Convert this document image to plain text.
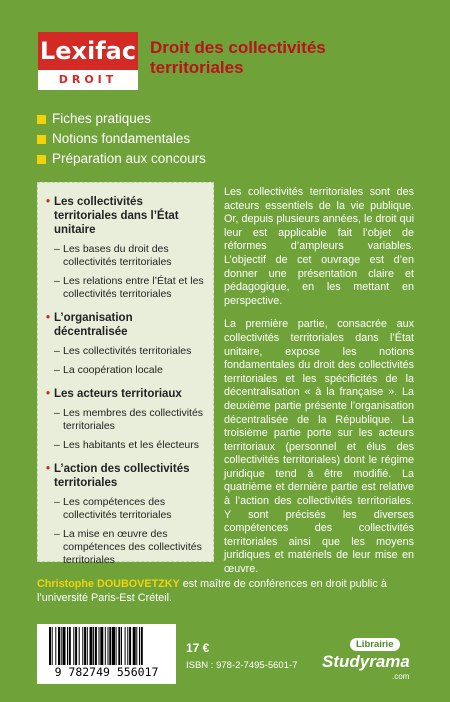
Lexifac
DROIT
Droit des collectivités territoriales
Fiches pratiques
Notions fondamentales
Préparation aux concours
• Les collectivités territoriales dans l’État unitaire
– Les bases du droit des collectivités territoriales
– Les relations entre l’État et les collectivités territoriales
• L’organisation décentralisée
– Les collectivités territoriales
– La coopération locale
• Les acteurs territoriaux
– Les membres des collectivités territoriales
– Les habitants et les électeurs
• L’action des collectivités territoriales
– Les compétences des collectivités territoriales
– La mise en œuvre des compétences des collectivités territoriales

Les collectivités territoriales sont des acteurs essentiels de la vie publique. Or, depuis plusieurs années, le droit qui leur est applicable fait l’objet de réformes d’ampleurs variables. L’objectif de cet ouvrage est d’en donner une présentation claire et pédagogique, en les mettant en perspective.

La première partie, consacrée aux collectivités territoriales dans l’État unitaire, expose les notions fondamentales du droit des collectivités territoriales et les spécificités de la décentralisation « à la française ». La deuxième partie présente l’organisation décentralisée de la République. La troisième partie porte sur les acteurs territoriaux (personnel et élus des collectivités territoriales) dont le régime juridique tend à être modifié. La quatrième et dernière partie est relative à l’action des collectivités territoriales. Y sont précisés les diverses compétences des collectivités territoriales ainsi que les moyens juridiques et matériels de leur mise en œuvre.

Christophe DOUBOVETZKY est maître de conférences en droit public à l’université Paris-Est Créteil.
9 782749 556017
17 €
ISBN : 978-2-7495-5601-7
Librairie
Studyrama
.com
